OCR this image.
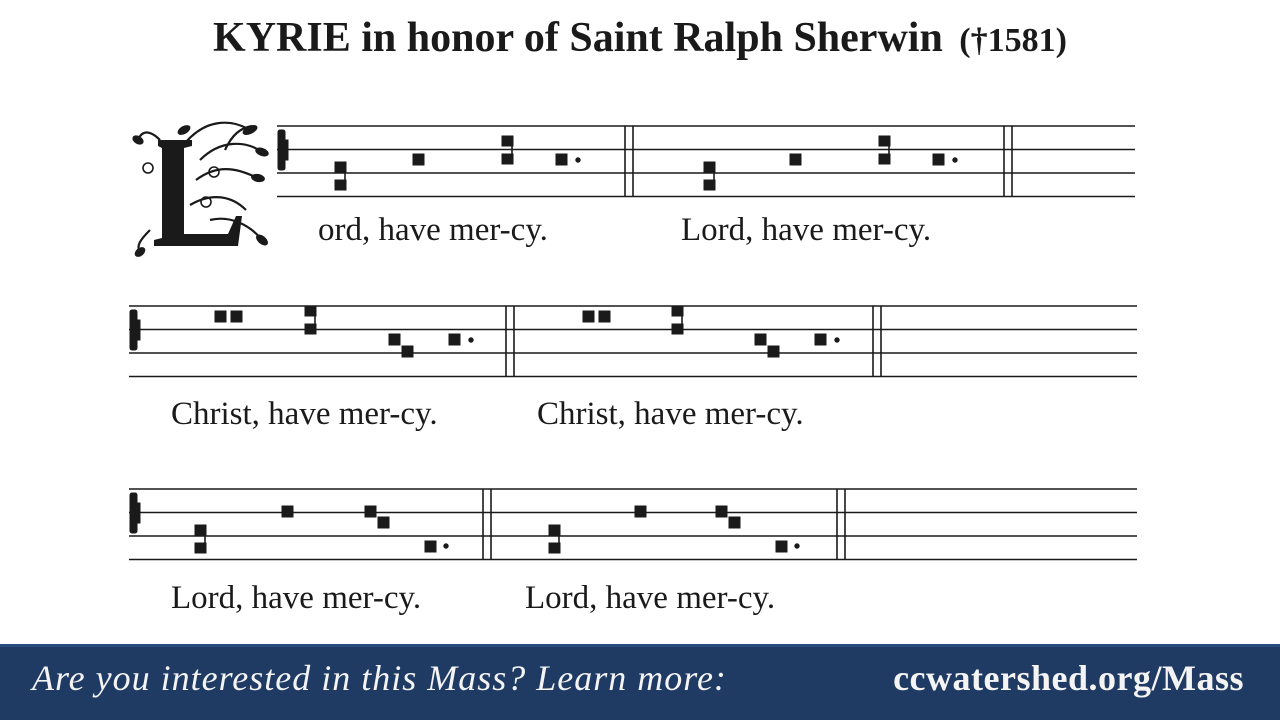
KYRIE in honor of Saint Ralph Sherwin (†1581)
ord, have mer-cy.	Lord, have mer-cy.
Christ, have mer-cy.	Christ, have mer-cy.
Lord, have mer-cy.	Lord, have mer-cy.
Are you interested in this Mass? Learn more:	ccwatershed.org/Mass
